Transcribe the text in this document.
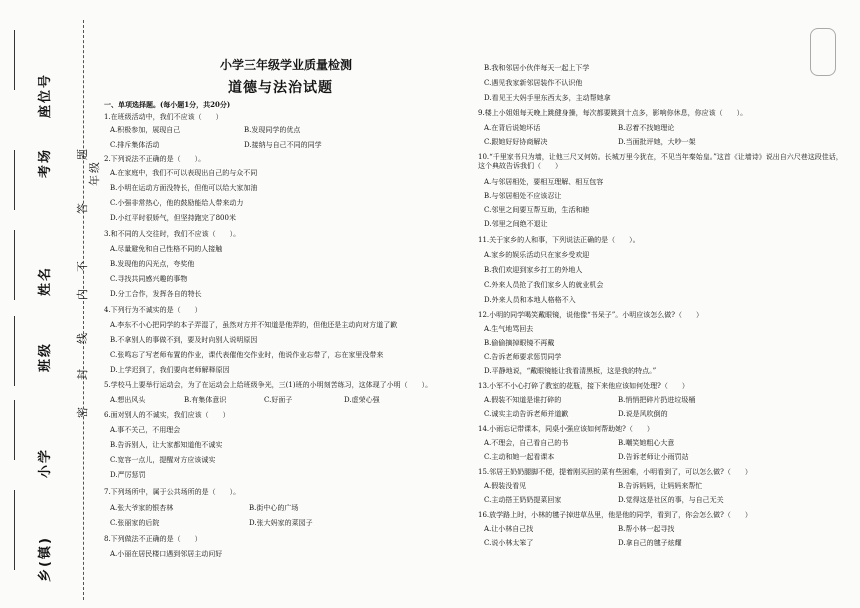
座位号
考场 题
答
年级
姓名
不
内
班级
线
封
密
小学
乡(镇)
小学三年级学业质量检测
道德与法治试题
一、单项选择题。(每小题1分，共20分)
1.在班级活动中，我们不应该（　　）
A.积极参加，展现自己	B.发现同学的优点
C.排斥集体活动	D.接纳与自己不同的同学
2.下列说法不正确的是（　　）。
A.在家庭中，我们不可以表现出自己的与众不同
B.小明在运动方面没特长，但他可以给大家加油
C.小强非常热心，他的鼓励能给人带来动力
D.小红平时很娇气，但坚持跑完了800米
3.和不同的人交往时，我们不应该（　　）。
A.尽量避免和自己性格不同的人接触
B.发现他的闪光点，夸奖他
C.寻找共同感兴趣的事物
D.分工合作，发挥各自的特长
4.下列行为不诚实的是（　　）
A.李东不小心把同学的本子弄湿了，虽然对方并不知道是他弄的，但他还是主动向对方道了歉
B.不拿别人的事做不到，要及时向别人说明原因
C.张鸣忘了写老师布置的作业，课代表催他交作业时，他说作业忘带了，忘在家里没带来
D.上学迟到了，我们要向老师解释原因
5.学校马上要举行运动会，为了在运动会上给班级争光，三(1)班的小明刻苦练习，这体现了小明（　　）。
A.想出风头	B.有集体意识	C.好面子	D.虚荣心强
6.面对别人的不诚实，我们应该（　　）
A.事不关己，不用理会
B.告诉别人，让大家都知道他不诚实
C.宽容一点儿，提醒对方应该诚实
D.严厉惩罚
7.下列场所中，属于公共场所的是（　　）。
A.张大爷家的银杏林	B.街中心的广场
C.张丽家的后院	D.张大妈家的菜园子
8.下列做法不正确的是（　　）
A.小丽在居民楼口遇到邻居主动问好
B.我和邻居小伙伴每天一起上下学
C.遇见我家新邻居装作不认识他
D.看见王大妈手里东西太多，主动帮她拿
9.楼上小姐姐每天晚上跳健身操，每次都要跳到十点多，影响你休息，你应该（　　）。
A.在背后说她坏话	B.忍着不找她理论
C.跟她好好协商解决	D.当面批评她，大吵一架
10.“千里家书只为墙，让他三尺又何妨。长城万里今犹在，不见当年秦始皇。”这首《让墙诗》说出自六尺巷这段佳话，这个典故告诉我们（　　）
A.与邻居相处，要相互理解、相互包容
B.与邻居相处不应该忍让
C.邻里之间要互帮互助，生活和睦
D.邻里之间绝不退让
11.关于家乡的人和事，下列说法正确的是（　　）。
A.家乡的娱乐活动只在家乡受欢迎
B.我们欢迎到家乡打工的外地人
C.外来人员抢了我们家乡人的就业机会
D.外来人员和本地人格格不入
12.小明的同学喝笑戴眼镜，说他像“书呆子”。小明应该怎么做?（　　）
A.生气地骂回去
B.偷偷摘掉眼镜不再戴
C.告诉老师要求惩罚同学
D.平静地说，“戴眼镜能让我看清黑板，这是我的特点。”
13.小军不小心打碎了教室的花瓶，接下来他应该如何处理?（　　）
A.假装不知道是谁打碎的	B.悄悄把碎片扔进垃圾桶
C.诚实主动告诉老师并道歉	D.说是风吹倒的
14.小雨忘记带课本，同桌小强应该如何帮助她?（　　）
A.不理会，自己看自己的书	B.嘲笑她粗心大意
C.主动和她一起看课本	D.告诉老师让小雨罚站
15.邻居王奶奶腿脚不便，提着刚买回的菜有些困难，小明看到了，可以怎么做?（　　）
A.假装没看见	B.告诉妈妈，让妈妈来帮忙
C.主动搭王奶奶提菜回家	D.觉得这是社区的事，与自己无关
16.放学路上时，小林的毽子掉进草丛里，他是他的同学，看到了，你会怎么做?（　　）
A.让小林自己找	B.帮小林一起寻找
C.说小林太笨了	D.拿自己的毽子炫耀
